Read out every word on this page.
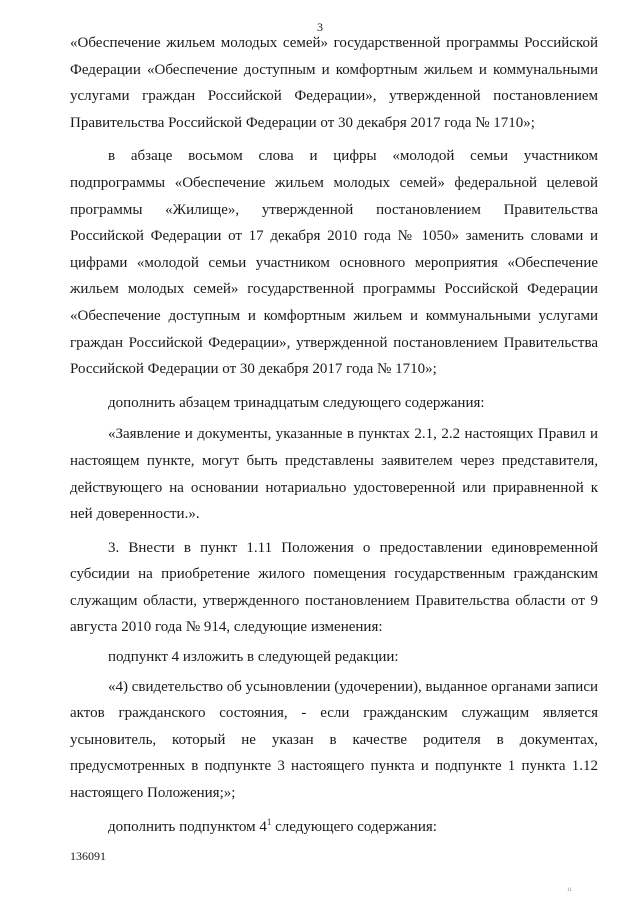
3

«Обеспечение жильем молодых семей» государственной программы Российской Федерации «Обеспечение доступным и комфортным жильем и коммунальными услугами граждан Российской Федерации», утвержденной постановлением Правительства Российской Федерации от 30 декабря 2017 года № 1710»;

в абзаце восьмом слова и цифры «молодой семьи участником подпрограммы «Обеспечение жильем молодых семей» федеральной целевой программы «Жилище», утвержденной постановлением Правительства Российской Федерации от 17 декабря 2010 года № 1050» заменить словами и цифрами «молодой семьи участником основного мероприятия «Обеспечение жильем молодых семей» государственной программы Российской Федерации «Обеспечение доступным и комфортным жильем и коммунальными услугами граждан Российской Федерации», утвержденной постановлением Правительства Российской Федерации от 30 декабря 2017 года № 1710»;

дополнить абзацем тринадцатым следующего содержания:

«Заявление и документы, указанные в пунктах 2.1, 2.2 настоящих Правил и настоящем пункте, могут быть представлены заявителем через представителя, действующего на основании нотариально удостоверенной или приравненной к ней доверенности.».

3. Внести в пункт 1.11 Положения о предоставлении единовременной субсидии на приобретение жилого помещения государственным гражданским служащим области, утвержденного постановлением Правительства области от 9 августа 2010 года № 914, следующие изменения:

подпункт 4 изложить в следующей редакции:

«4) свидетельство об усыновлении (удочерении), выданное органами записи актов гражданского состояния, - если гражданским служащим является усыновитель, который не указан в качестве родителя в документах, предусмотренных в подпункте 3 настоящего пункта и подпункте 1 пункта 1.12 настоящего Положения;»;

дополнить подпунктом $4^1$ следующего содержания:

136091
11
